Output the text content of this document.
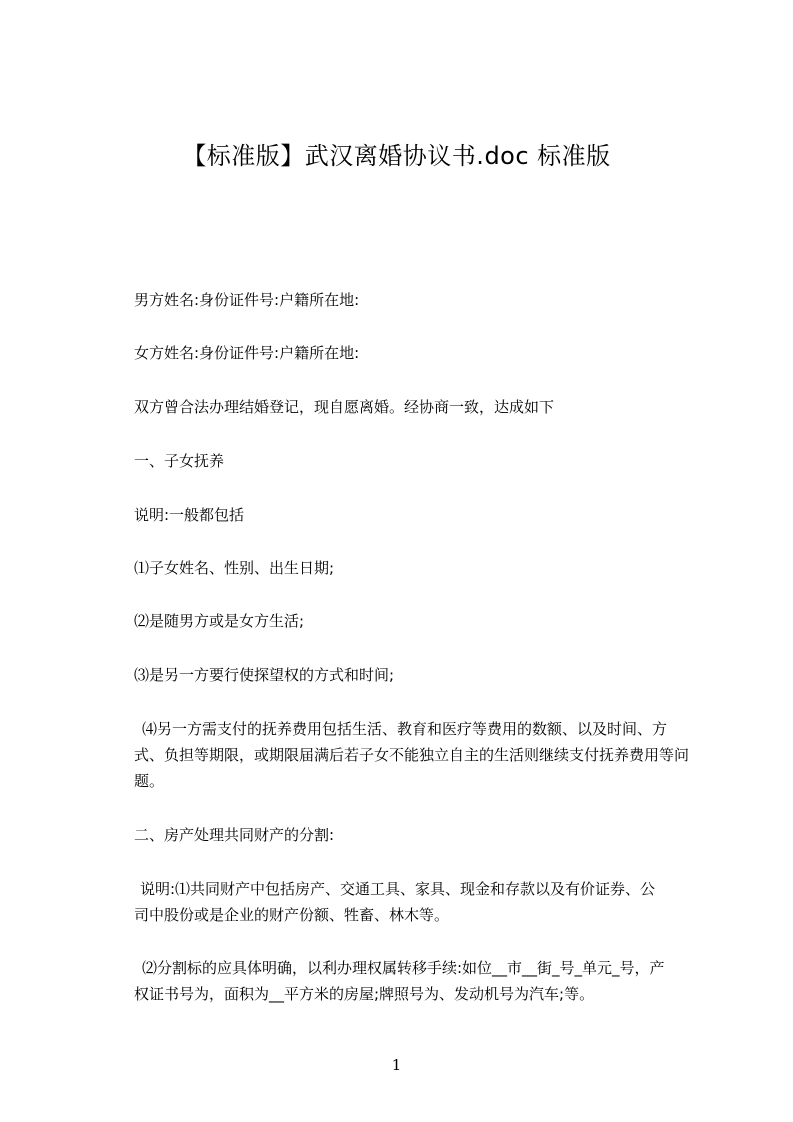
【标准版】武汉离婚协议书.doc 标准版
男方姓名:身份证件号:户籍所在地:
女方姓名:身份证件号:户籍所在地:
双方曾合法办理结婚登记，现自愿离婚。经协商一致，达成如下
一、子女抚养
说明:一般都包括
⑴子女姓名、性别、出生日期;
⑵是随男方或是女方生活;
⑶是另一方要行使探望权的方式和时间;
⑷另一方需支付的抚养费用包括生活、教育和医疗等费用的数额、以及时间、方
式、负担等期限，或期限届满后若子女不能独立自主的生活则继续支付抚养费用等问
题。
二、房产处理共同财产的分割:
说明:⑴共同财产中包括房产、交通工具、家具、现金和存款以及有价证券、公
司中股份或是企业的财产份额、牲畜、林木等。
⑵分割标的应具体明确，以利办理权属转移手续:如位__市__街_号_单元_号，产
权证书号为，面积为__平方米的房屋;牌照号为、发动机号为汽车;等。
1
